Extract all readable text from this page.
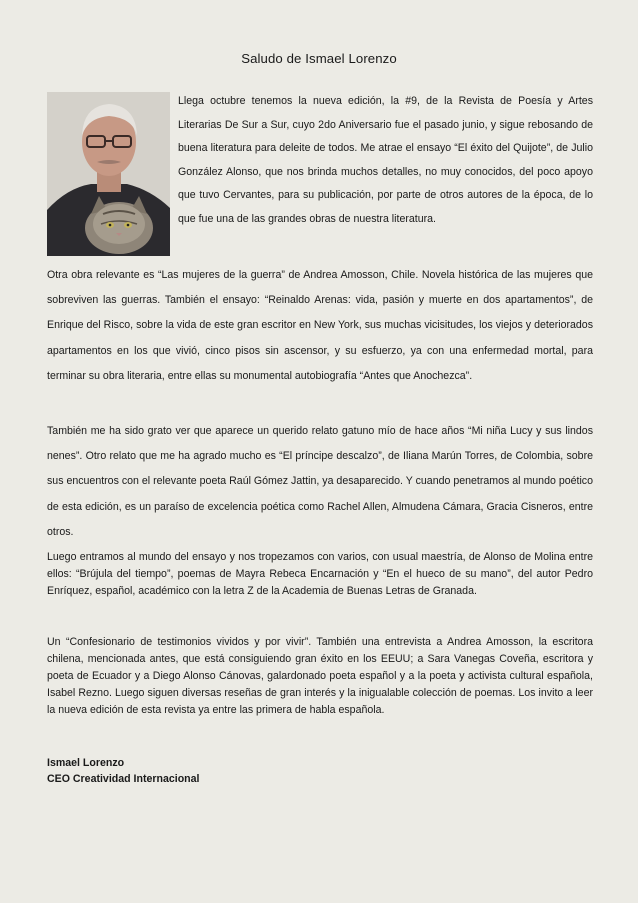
Saludo de Ismael Lorenzo
Llega octubre tenemos la nueva edición, la #9, de la Revista de Poesía y Artes Literarias De Sur a Sur, cuyo 2do Aniversario fue el pasado junio, y sigue rebosando de buena literatura para deleite de todos. Me atrae el ensayo “El éxito del Quijote”, de Julio González Alonso, que nos brinda muchos detalles, no muy conocidos, del poco apoyo que tuvo Cervantes, para su publicación, por parte de otros autores de la época, de lo que fue una de las grandes obras de nuestra literatura.

Otra obra relevante es “Las mujeres de la guerra” de Andrea Amosson, Chile. Novela histórica de las mujeres que sobreviven las guerras. También el ensayo: “Reinaldo Arenas: vida, pasión y muerte en dos apartamentos”, de Enrique del Risco, sobre la vida de este gran escritor en New York, sus muchas vicisitudes, los viejos y deteriorados apartamentos en los que vivió, cinco pisos sin ascensor, y su esfuerzo, ya con una enfermedad mortal, para terminar su obra literaria, entre ellas su monumental autobiografía “Antes que Anochezca”.

También me ha sido grato ver que aparece un querido relato gatuno mío de hace años “Mi niña Lucy y sus lindos nenes”. Otro relato que me ha agrado mucho es “El príncipe descalzo”, de Iliana Marún Torres, de Colombia, sobre sus encuentros con el relevante poeta Raúl Gómez Jattin, ya desaparecido. Y cuando penetramos al mundo poético de esta edición, es un paraíso de excelencia poética como Rachel Allen, Almudena Cámara, Gracia Cisneros, entre otros.

Luego entramos al mundo del ensayo y nos tropezamos con varios, con usual maestría, de Alonso de Molina entre ellos: “Brújula del tiempo”, poemas de Mayra Rebeca Encarnación y “En el hueco de su mano”, del autor Pedro Enríquez, español, académico con la letra Z de la Academia de Buenas Letras de Granada.

Un “Confesionario de testimonios vividos y por vivir”. También una entrevista a Andrea Amosson, la escritora chilena, mencionada antes, que está consiguiendo gran éxito en los EEUU; a Sara Vanegas Coveña, escritora y poeta de Ecuador y a Diego Alonso Cánovas, galardonado poeta español y a la poeta y activista cultural española, Isabel Rezno. Luego siguen diversas reseñas de gran interés y la inigualable colección de poemas. Los invito a leer la nueva edición de esta revista ya entre las primera de habla española.

Ismael Lorenzo
CEO Creatividad Internacional
